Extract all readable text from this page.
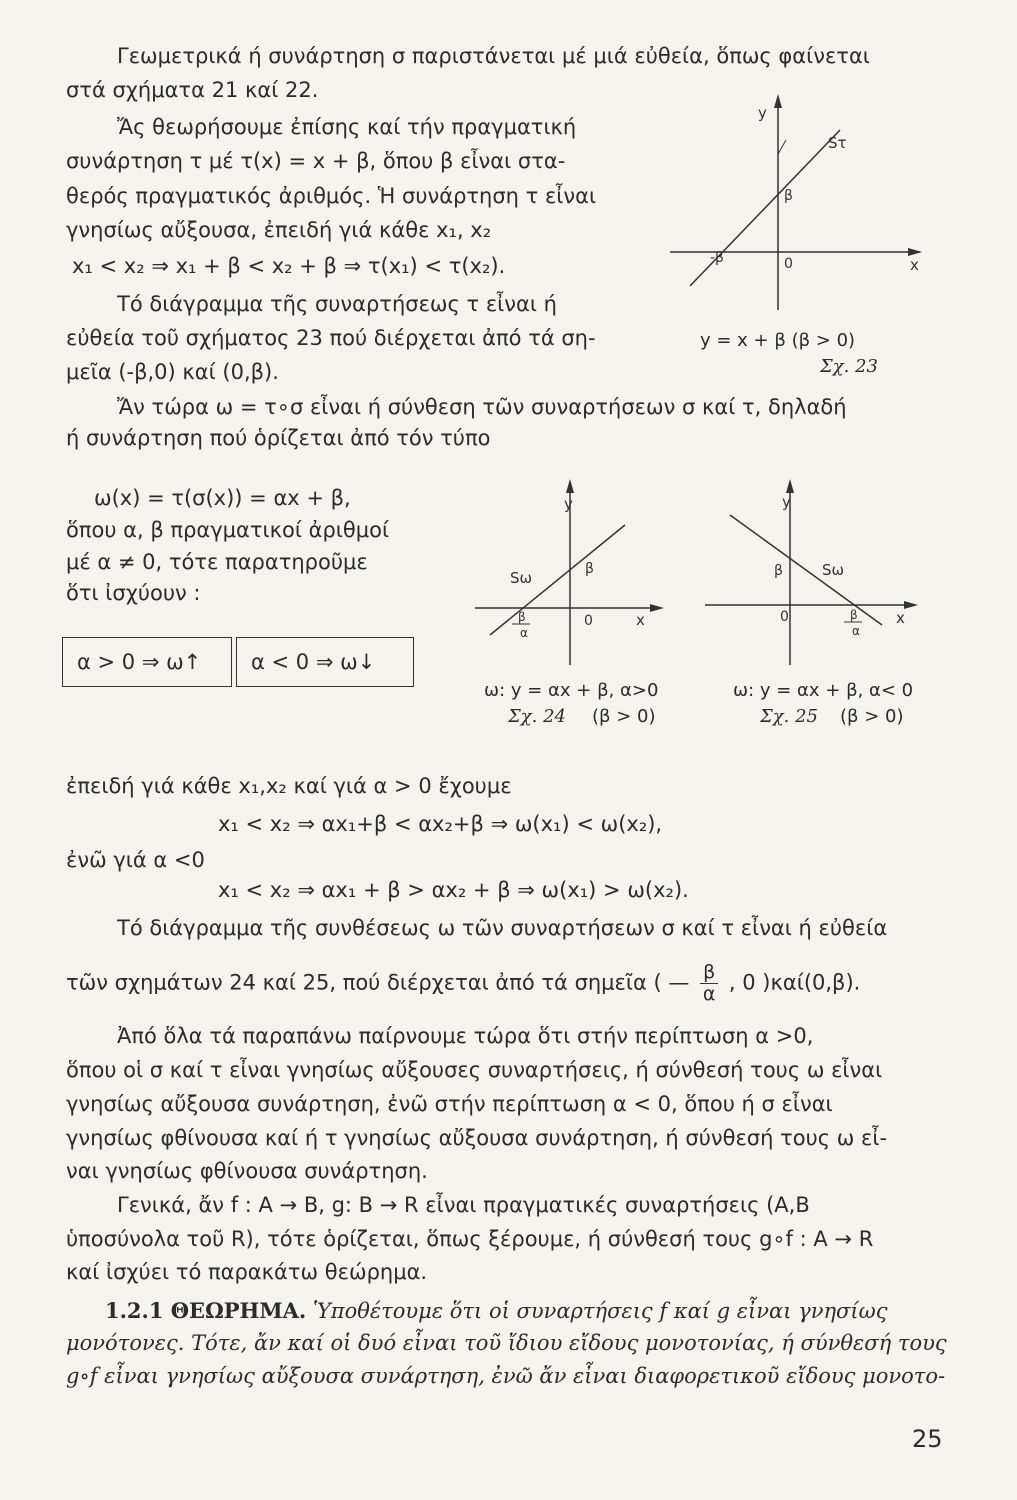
Γεωμετρικά ή συνάρτηση σ παριστάνεται μέ μιά εὐθεία, ὅπως φαίνεται
στά σχήματα 21 καί 22.
Ἄς θεωρήσουμε ἐπίσης καί τήν πραγματική
συνάρτηση τ μέ τ(x) = x + β, ὅπου β εἶναι στα-
θερός πραγματικός ἀριθμός. Ἡ συνάρτηση τ εἶναι
γνησίως αὔξουσα, ἐπειδή γιά κάθε x₁, x₂
x₁ < x₂ ⇒ x₁ + β < x₂ + β ⇒ τ(x₁) < τ(x₂).
Τό διάγραμμα τῆς συναρτήσεως τ εἶναι ή
εὐθεία τοῦ σχήματος 23 πού διέρχεται ἀπό τά ση-
μεῖα (-β,0) καί (0,β).
y
x
Sτ
β
-β	0
y = x + β (β > 0)
Σχ. 23
Ἄν τώρα ω = τ∘σ εἶναι ή σύνθεση τῶν συναρτήσεων σ καί τ, δηλαδή
ή συνάρτηση πού ὁρίζεται ἀπό τόν τύπο
ω(x) = τ(σ(x)) = αx + β,
ὅπου α, β πραγματικοί ἀριθμοί
μέ α ≠ 0, τότε παρατηροῦμε
ὅτι ἰσχύουν :
α > 0 ⇒ ω↑	α < 0 ⇒ ω↓
y
x
Sω	β
β
α
0
ω: y = αx + β, α>0
Σχ. 24 (β > 0)
y
x
Sω
β
β
α
0
ω: y = αx + β, α< 0
Σχ. 25 (β > 0)
ἐπειδή γιά κάθε x₁,x₂ καί γιά α > 0 ἔχουμε
x₁ < x₂ ⇒ αx₁+β < αx₂+β ⇒ ω(x₁) < ω(x₂),
ἐνῶ γιά α <0
x₁ < x₂ ⇒ αx₁ + β > αx₂ + β ⇒ ω(x₁) > ω(x₂).
Τό διάγραμμα τῆς συνθέσεως ω τῶν συναρτήσεων σ καί τ εἶναι ή εὐθεία
τῶν σχημάτων 24 καί 25, πού διέρχεται ἀπό τά σημεῖα ( — $\frac{\beta}{\alpha}$ , 0 )καί(0,β).
Ἀπό ὅλα τά παραπάνω παίρνουμε τώρα ὅτι στήν περίπτωση α >0,
ὅπου οἱ σ καί τ εἶναι γνησίως αὔξουσες συναρτήσεις, ή σύνθεσή τους ω εἶναι
γνησίως αὔξουσα συνάρτηση, ἐνῶ στήν περίπτωση α < 0, ὅπου ή σ εἶναι
γνησίως φθίνουσα καί ή τ γνησίως αὔξουσα συνάρτηση, ή σύνθεσή τους ω εἶ-
ναι γνησίως φθίνουσα συνάρτηση.
Γενικά, ἄν f : A → B, g: B → R εἶναι πραγματικές συναρτήσεις (A,B
ὑποσύνολα τοῦ R), τότε ὁρίζεται, ὅπως ξέρουμε, ή σύνθεσή τους g∘f : A → R
καί ἰσχύει τό παρακάτω θεώρημα.
1.2.1 ΘΕΩΡΗΜΑ. Ὑποθέτουμε ὅτι οἱ συναρτήσεις f καί g εἶναι γνησίως
μονότονες. Τότε, ἄν καί οἱ δυό εἶναι τοῦ ἴδιου εἴδους μονοτονίας, ή σύνθεσή τους
g∘f εἶναι γνησίως αὔξουσα συνάρτηση, ἐνῶ ἄν εἶναι διαφορετικοῦ εἴδους μονοτο-
25
